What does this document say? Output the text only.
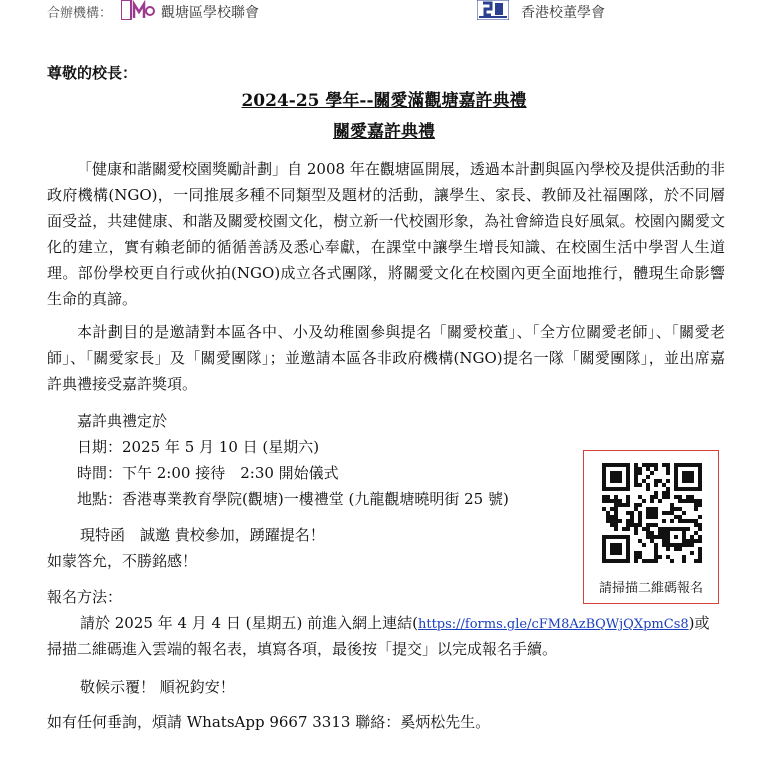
合辦機構：	觀塘區學校聯會	香港校董學會
尊敬的校長：
2024-25 學年--關愛滿觀塘嘉許典禮
關愛嘉許典禮
「健康和諧關愛校園獎勵計劃」自 2008 年在觀塘區開展，透過本計劃與區內學校及提供活動的非政府機構(NGO)，一同推展多種不同類型及題材的活動，讓學生、家長、教師及社福團隊，於不同層面受益，共建健康、和諧及關愛校園文化，樹立新一代校園形象，為社會締造良好風氣。校園內關愛文化的建立，實有賴老師的循循善誘及悉心奉獻，在課堂中讓學生增長知識、在校園生活中學習人生道理。部份學校更自行或伙拍(NGO)成立各式團隊，將關愛文化在校園內更全面地推行，體現生命影響生命的真諦。
本計劃目的是邀請對本區各中、小及幼稚園參與提名「關愛校董」、「全方位關愛老師」、「關愛老師」、「關愛家長」及「關愛團隊」；並邀請本區各非政府機構(NGO)提名一隊「關愛團隊」，並出席嘉許典禮接受嘉許獎項。
嘉許典禮定於
日期：2025 年 5 月 10 日 (星期六)
時間：下午 2:00 接待　2:30 開始儀式
地點：香港專業教育學院(觀塘)一樓禮堂 (九龍觀塘曉明街 25 號)
現特函　誠邀 貴校參加，踴躍提名！
如蒙答允，不勝銘感！
報名方法：
請於 2025 年 4 月 4 日 (星期五) 前進入網上連結(https://forms.gle/cFM8AzBQWjQXpmCs8)或
掃描二維碼進入雲端的報名表，填寫各項，最後按「提交」以完成報名手續。
敬候示覆！ 順祝鈞安！
如有任何垂詢，煩請 WhatsApp 9667 3313 聯絡：奚炳松先生。
請掃描二維碼報名
